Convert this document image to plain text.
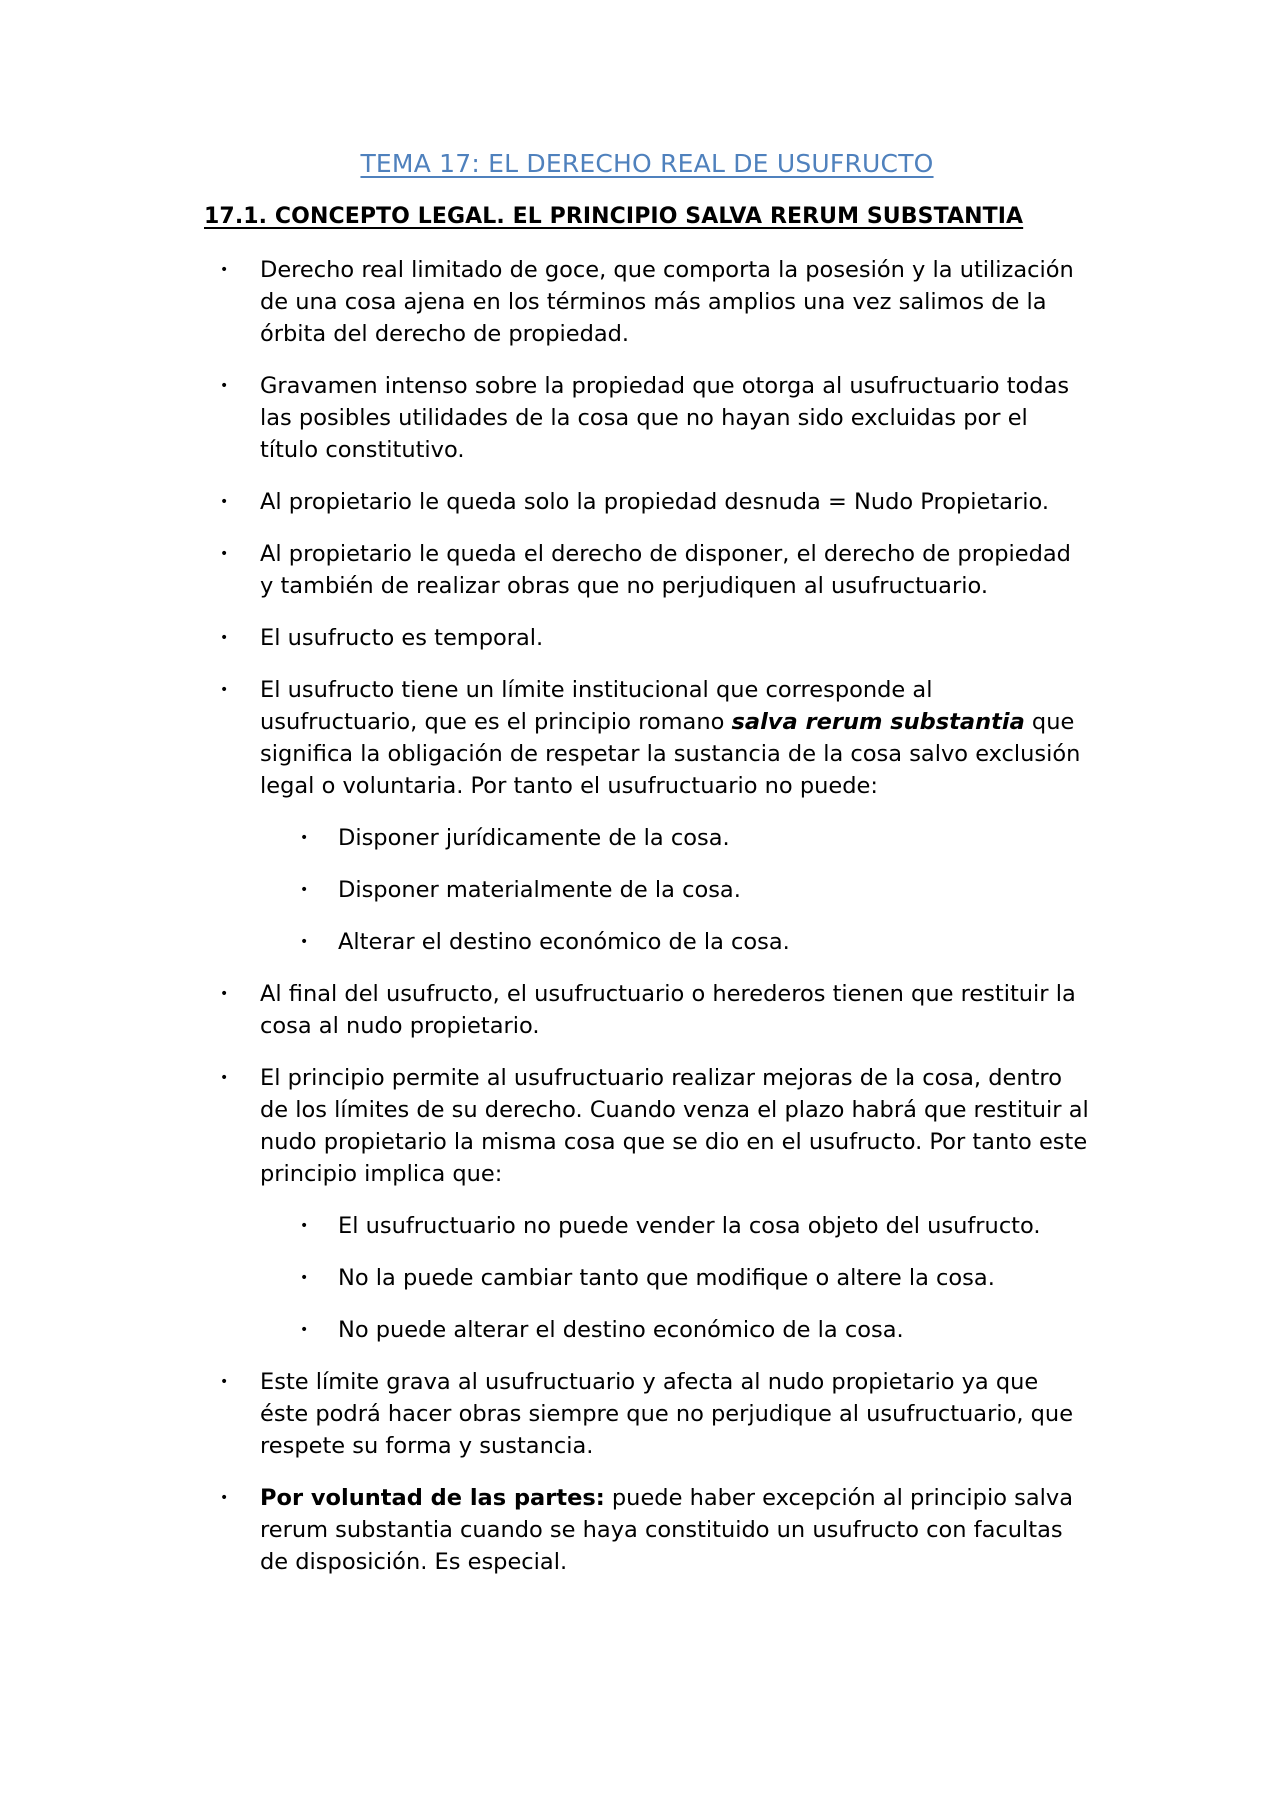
TEMA 17: EL DERECHO REAL DE USUFRUCTO
17.1. CONCEPTO LEGAL. EL PRINCIPIO SALVA RERUM SUBSTANTIA
• Derecho real limitado de goce, que comporta la posesión y la utilización de una cosa ajena en los términos más amplios una vez salimos de la órbita del derecho de propiedad.
• Gravamen intenso sobre la propiedad que otorga al usufructuario todas las posibles utilidades de la cosa que no hayan sido excluidas por el título constitutivo.
• Al propietario le queda solo la propiedad desnuda = Nudo Propietario.
• Al propietario le queda el derecho de disponer, el derecho de propiedad y también de realizar obras que no perjudiquen al usufructuario.
• El usufructo es temporal.
• El usufructo tiene un límite institucional que corresponde al usufructuario, que es el principio romano salva rerum substantia que significa la obligación de respetar la sustancia de la cosa salvo exclusión legal o voluntaria. Por tanto el usufructuario no puede:
• Disponer jurídicamente de la cosa.
• Disponer materialmente de la cosa.
• Alterar el destino económico de la cosa.
• Al final del usufructo, el usufructuario o herederos tienen que restituir la cosa al nudo propietario.
• El principio permite al usufructuario realizar mejoras de la cosa, dentro de los límites de su derecho. Cuando venza el plazo habrá que restituir al nudo propietario la misma cosa que se dio en el usufructo. Por tanto este principio implica que:
• El usufructuario no puede vender la cosa objeto del usufructo.
• No la puede cambiar tanto que modifique o altere la cosa.
• No puede alterar el destino económico de la cosa.
• Este límite grava al usufructuario y afecta al nudo propietario ya que éste podrá hacer obras siempre que no perjudique al usufructuario, que respete su forma y sustancia.
• Por voluntad de las partes: puede haber excepción al principio salva rerum substantia cuando se haya constituido un usufructo con facultas de disposición. Es especial.
